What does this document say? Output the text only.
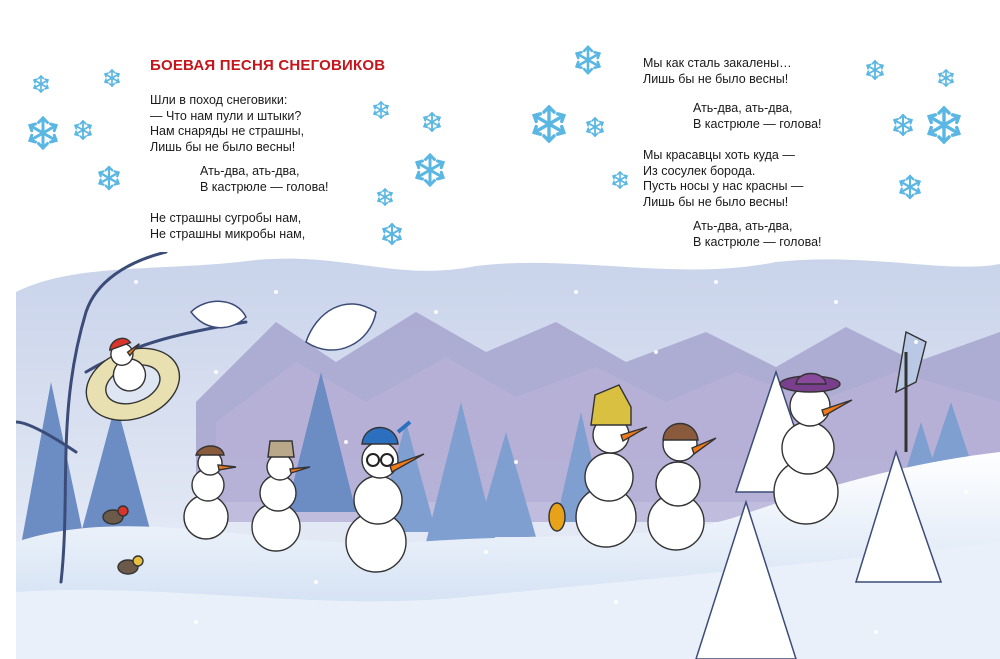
БОЕВАЯ ПЕСНЯ СНЕГОВИКОВ
Шли в поход снеговики:
— Что нам пули и штыки?
Нам снаряды не страшны,
Лишь бы не было весны!
Ать-два, ать-два,
В кастрюле — голова!
Не страшны сугробы нам,
Не страшны микробы нам,
Мы как сталь закалены…
Лишь бы не было весны!
Ать-два, ать-два,
В кастрюле — голова!
Мы красавцы хоть куда —
Из сосулек борода.
Пусть носы у нас красны —
Лишь бы не было весны!
Ать-два, ать-два,
В кастрюле — голова!
